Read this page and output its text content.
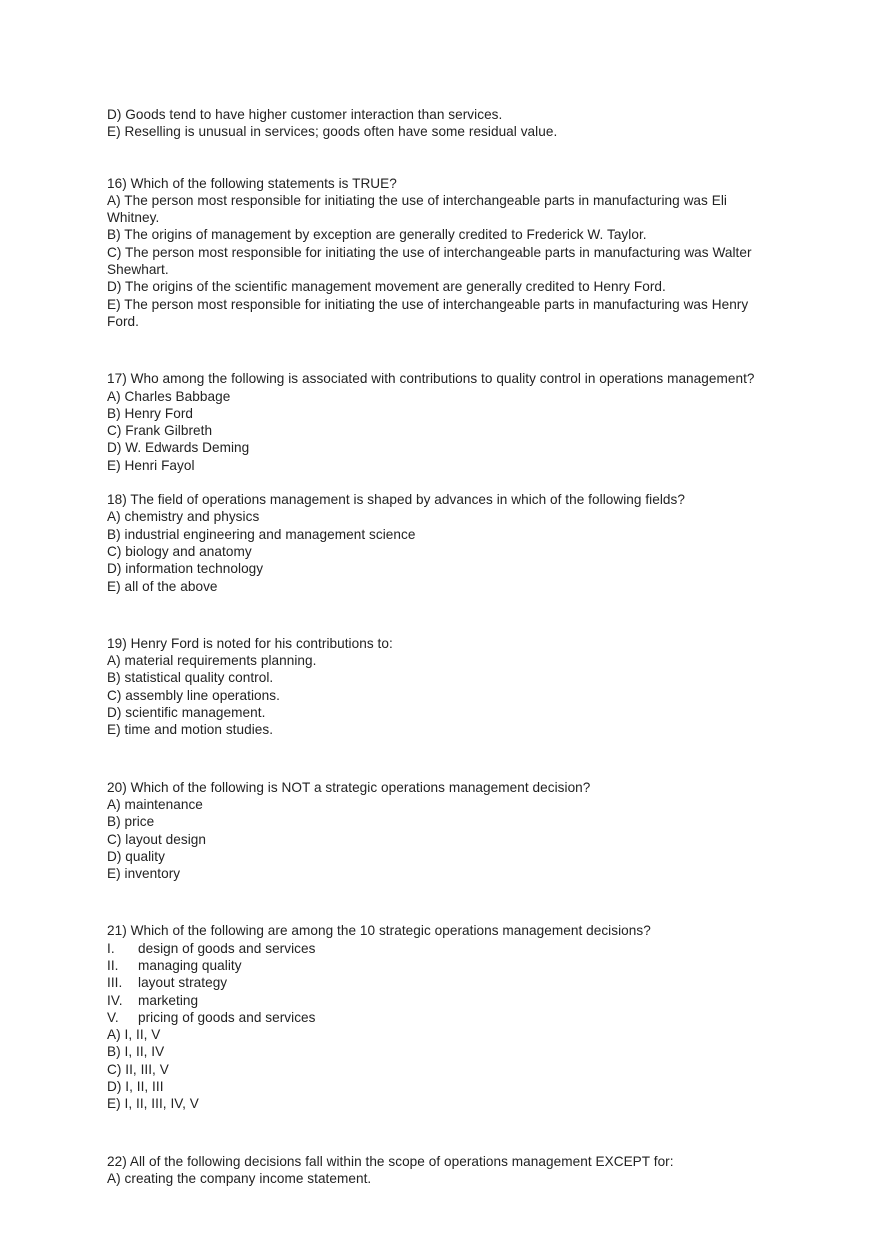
D) Goods tend to have higher customer interaction than services.
E) Reselling is unusual in services; goods often have some residual value.
16) Which of the following statements is TRUE?
A) The person most responsible for initiating the use of interchangeable parts in manufacturing was Eli Whitney.
B) The origins of management by exception are generally credited to Frederick W. Taylor.
C) The person most responsible for initiating the use of interchangeable parts in manufacturing was Walter Shewhart.
D) The origins of the scientific management movement are generally credited to Henry Ford.
E) The person most responsible for initiating the use of interchangeable parts in manufacturing was Henry Ford.
17) Who among the following is associated with contributions to quality control in operations management?
A) Charles Babbage
B) Henry Ford
C) Frank Gilbreth
D) W. Edwards Deming
E) Henri Fayol
18) The field of operations management is shaped by advances in which of the following fields?
A) chemistry and physics
B) industrial engineering and management science
C) biology and anatomy
D) information technology
E) all of the above
19) Henry Ford is noted for his contributions to:
A) material requirements planning.
B) statistical quality control.
C) assembly line operations.
D) scientific management.
E) time and motion studies.
20) Which of the following is NOT a strategic operations management decision?
A) maintenance
B) price
C) layout design
D) quality
E) inventory
21) Which of the following are among the 10 strategic operations management decisions?
I.	design of goods and services
II.	managing quality
III.	layout strategy
IV.	marketing
V.	pricing of goods and services
A) I, II, V
B) I, II, IV
C) II, III, V
D) I, II, III
E) I, II, III, IV, V
22) All of the following decisions fall within the scope of operations management EXCEPT for:
A) creating the company income statement.
